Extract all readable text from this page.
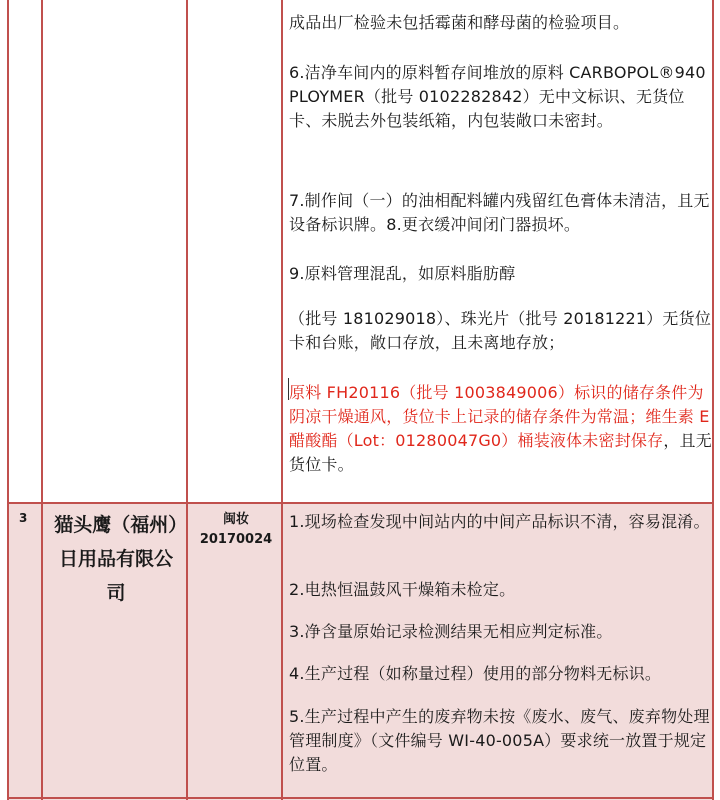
成品出厂检验未包括霉菌和酵母菌的检验项目。

6.洁净车间内的原料暂存间堆放的原料 CARBOPOL®940 PLOYMER（批号 0102282842）无中文标识、无货位卡、未脱去外包装纸箱，内包装敞口未密封。

7.制作间（一）的油相配料罐内残留红色膏体未清洁，且无设备标识牌。8.更衣缓冲间闭门器损坏。

9.原料管理混乱，如原料脂肪醇

（批号 181029018）、珠光片（批号 20181221）无货位卡和台账，敞口存放，且未离地存放；

原料 FH20116（批号 1003849006）标识的储存条件为阴凉干燥通风，货位卡上记录的储存条件为常温；维生素 E 醋酸酯（Lot：01280047G0）桶装液体未密封保存，且无货位卡。

3 猫头鹰（福州）日用品有限公司
闽妆 20170024

1.现场检查发现中间站内的中间产品标识不清，容易混淆。

2.电热恒温鼓风干燥箱未检定。

3.净含量原始记录检测结果无相应判定标准。

4.生产过程（如称量过程）使用的部分物料无标识。

5.生产过程中产生的废弃物未按《废水、废气、废弃物处理管理制度》（文件编号 WI-40-005A）要求统一放置于规定位置。
